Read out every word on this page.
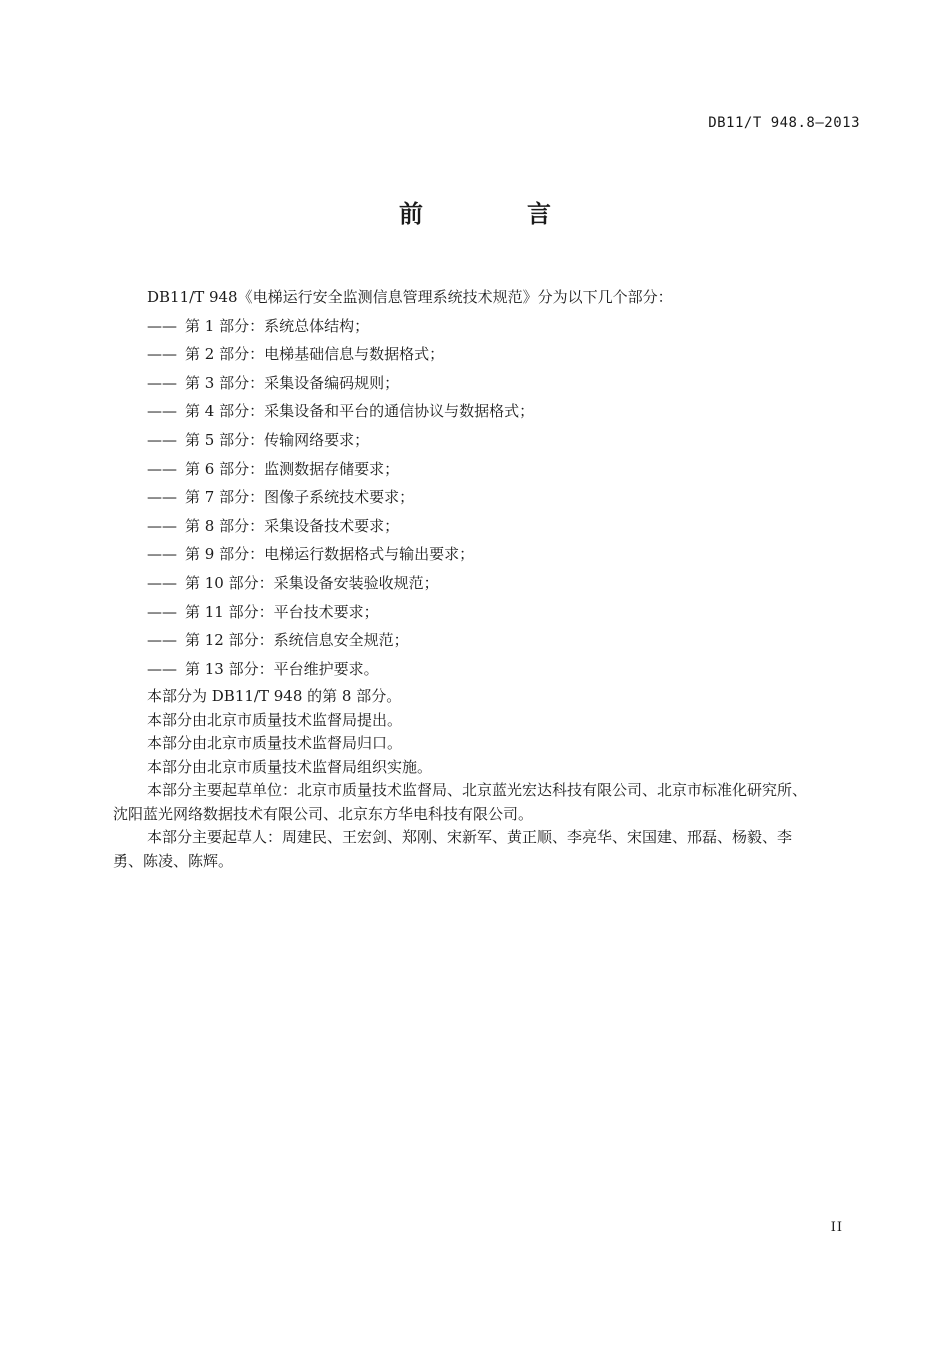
DB11/T 948.8—2013
前　言
DB11/T 948《电梯运行安全监测信息管理系统技术规范》分为以下几个部分：
—— 第 1 部分：系统总体结构；
—— 第 2 部分：电梯基础信息与数据格式；
—— 第 3 部分：采集设备编码规则；
—— 第 4 部分：采集设备和平台的通信协议与数据格式；
—— 第 5 部分：传输网络要求；
—— 第 6 部分：监测数据存储要求；
—— 第 7 部分：图像子系统技术要求；
—— 第 8 部分：采集设备技术要求；
—— 第 9 部分：电梯运行数据格式与输出要求；
—— 第 10 部分：采集设备安装验收规范；
—— 第 11 部分：平台技术要求；
—— 第 12 部分：系统信息安全规范；
—— 第 13 部分：平台维护要求。
本部分为 DB11/T 948 的第 8 部分。
本部分由北京市质量技术监督局提出。
本部分由北京市质量技术监督局归口。
本部分由北京市质量技术监督局组织实施。
本部分主要起草单位：北京市质量技术监督局、北京蓝光宏达科技有限公司、北京市标准化研究所、
沈阳蓝光网络数据技术有限公司、北京东方华电科技有限公司。
本部分主要起草人：周建民、王宏剑、郑刚、宋新军、黄正顺、李亮华、宋国建、邢磊、杨毅、李
勇、陈凌、陈辉。
II
